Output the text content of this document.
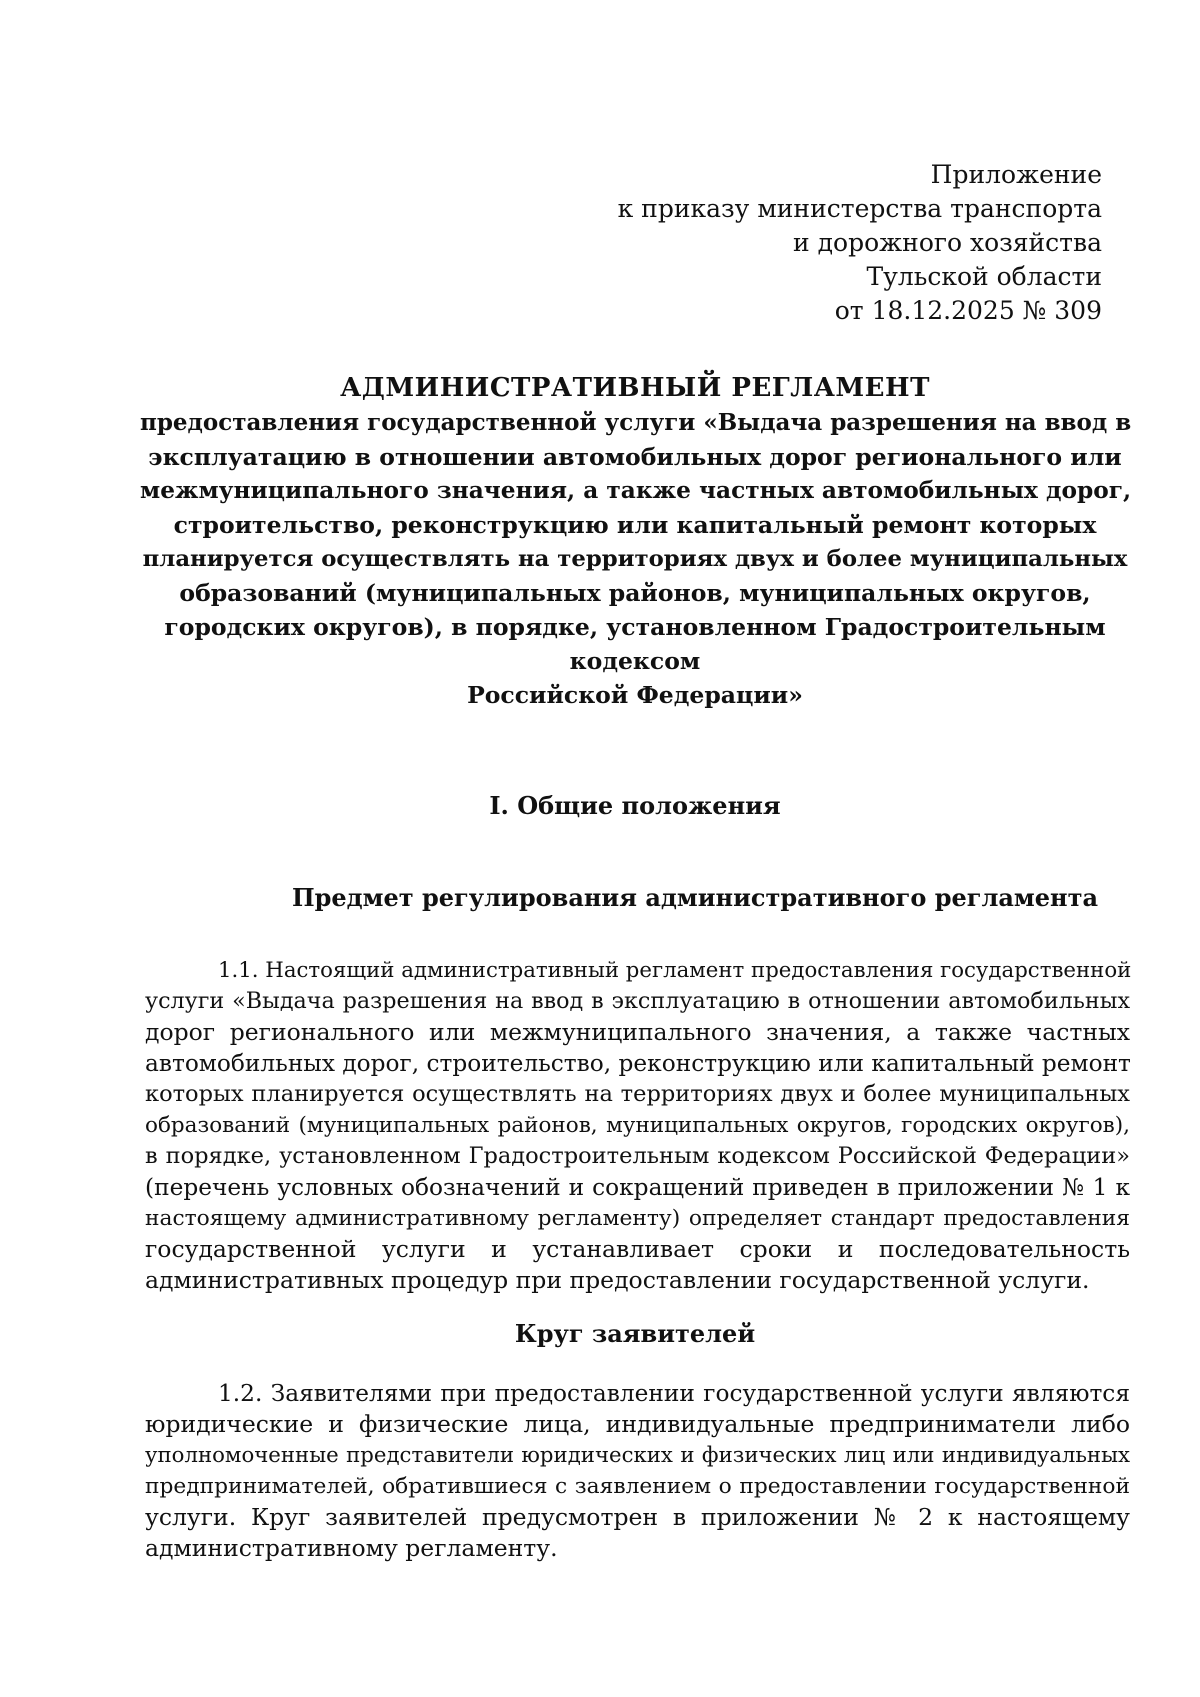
Приложение
к приказу министерства транспорта
и дорожного хозяйства
Тульской области
от 18.12.2025 № 309
АДМИНИСТРАТИВНЫЙ РЕГЛАМЕНТ
предоставления государственной услуги «Выдача разрешения на ввод в
эксплуатацию в отношении автомобильных дорог регионального или
межмуниципального значения, а также частных автомобильных дорог,
строительство, реконструкцию или капитальный ремонт которых
планируется осуществлять на территориях двух и более муниципальных
образований (муниципальных районов, муниципальных округов,
городских округов), в порядке, установленном Градостроительным
кодексом
Российской Федерации»
I. Общие положения
Предмет регулирования административного регламента
1.1. Настоящий административный регламент предоставления государственной
услуги «Выдача разрешения на ввод в эксплуатацию в отношении автомобильных
дорог регионального или межмуниципального значения, а также частных
автомобильных дорог, строительство, реконструкцию или капитальный ремонт
которых планируется осуществлять на территориях двух и более муниципальных
образований (муниципальных районов, муниципальных округов, городских округов),
в порядке, установленном Градостроительным кодексом Российской Федерации»
(перечень условных обозначений и сокращений приведен в приложении № 1 к
настоящему административному регламенту) определяет стандарт предоставления
государственной услуги и устанавливает сроки и последовательность
административных процедур при предоставлении государственной услуги.
Круг заявителей
1.2. Заявителями при предоставлении государственной услуги являются
юридические и физические лица, индивидуальные предприниматели либо
уполномоченные представители юридических и физических лиц или индивидуальных
предпринимателей, обратившиеся с заявлением о предоставлении государственной
услуги. Круг заявителей предусмотрен в приложении № 2 к настоящему
административному регламенту.
